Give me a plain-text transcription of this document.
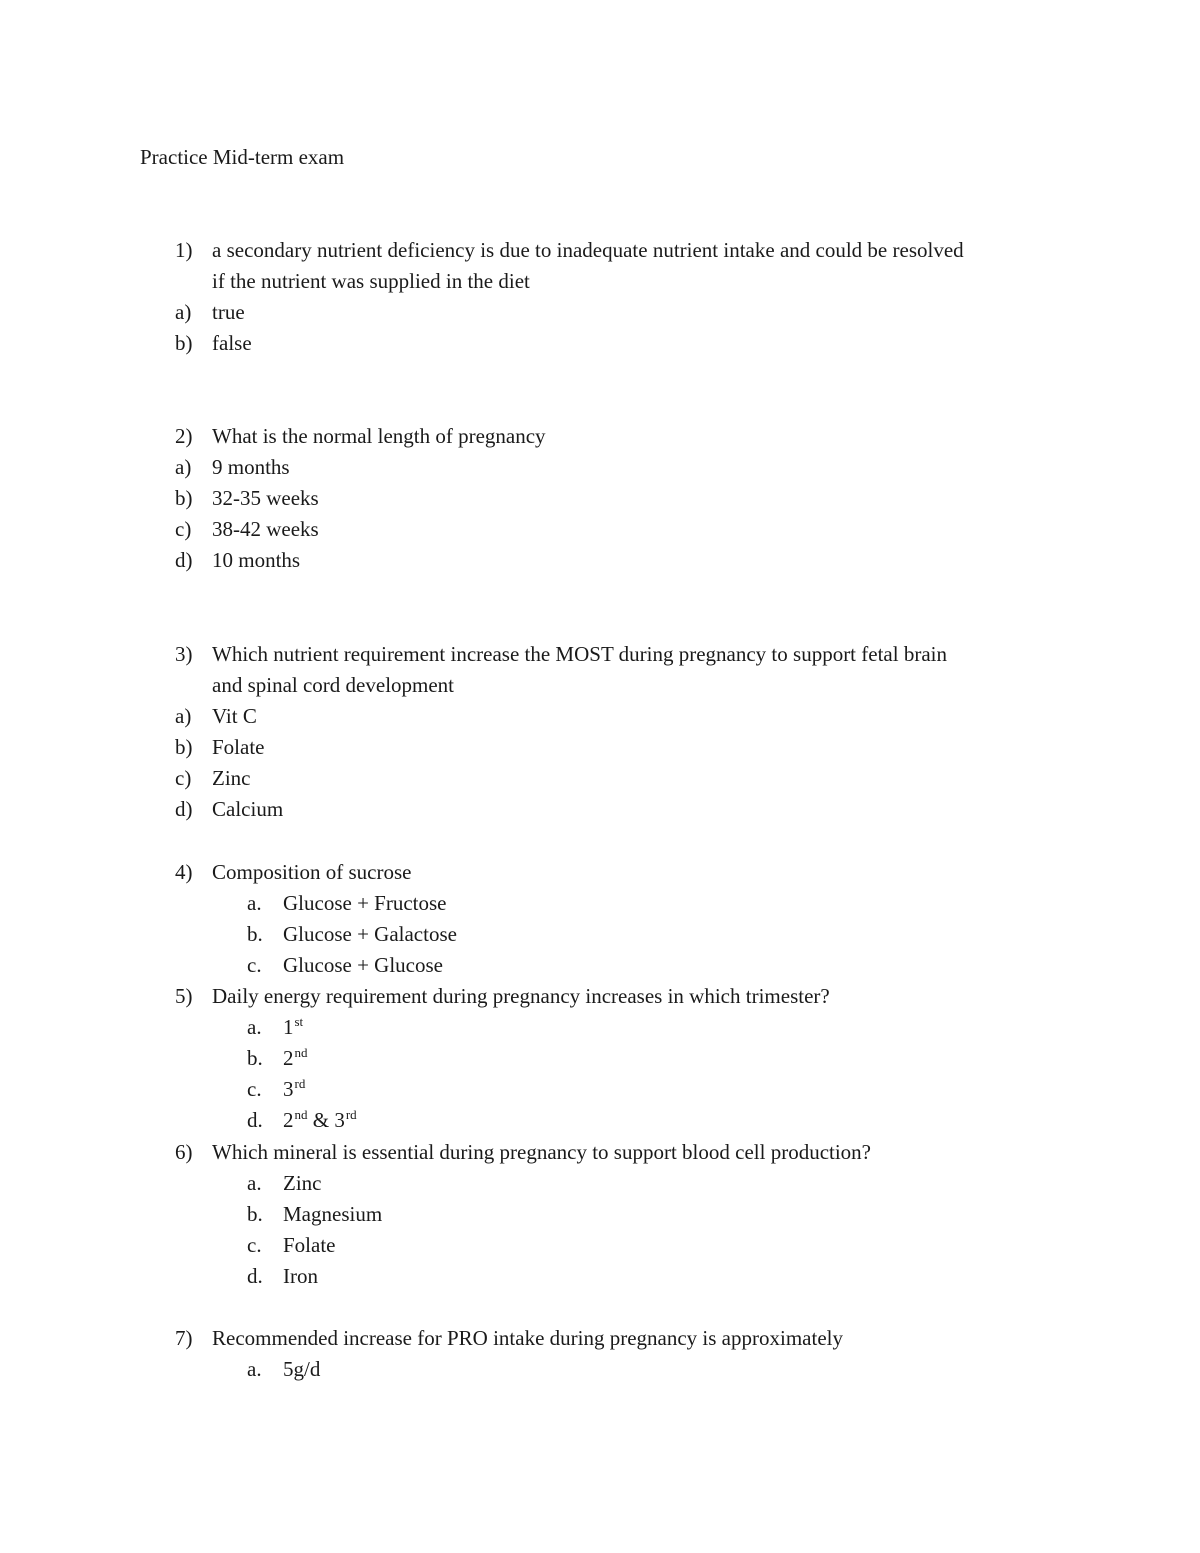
Practice Mid-term exam
1) a secondary nutrient deficiency is due to inadequate nutrient intake and could be resolved
if the nutrient was supplied in the diet
a) true
b) false
2) What is the normal length of pregnancy
a) 9 months
b) 32-35 weeks
c) 38-42 weeks
d) 10 months
3) Which nutrient requirement increase the MOST during pregnancy to support fetal brain
and spinal cord development
a) Vit C
b) Folate
c) Zinc
d) Calcium
4) Composition of sucrose
a. Glucose + Fructose
b. Glucose + Galactose
c. Glucose + Glucose
5) Daily energy requirement during pregnancy increases in which trimester?
a. 1st
b. 2nd
c. 3rd
d. 2nd & 3rd
6) Which mineral is essential during pregnancy to support blood cell production?
a. Zinc
b. Magnesium
c. Folate
d. Iron
7) Recommended increase for PRO intake during pregnancy is approximately
a. 5g/d
